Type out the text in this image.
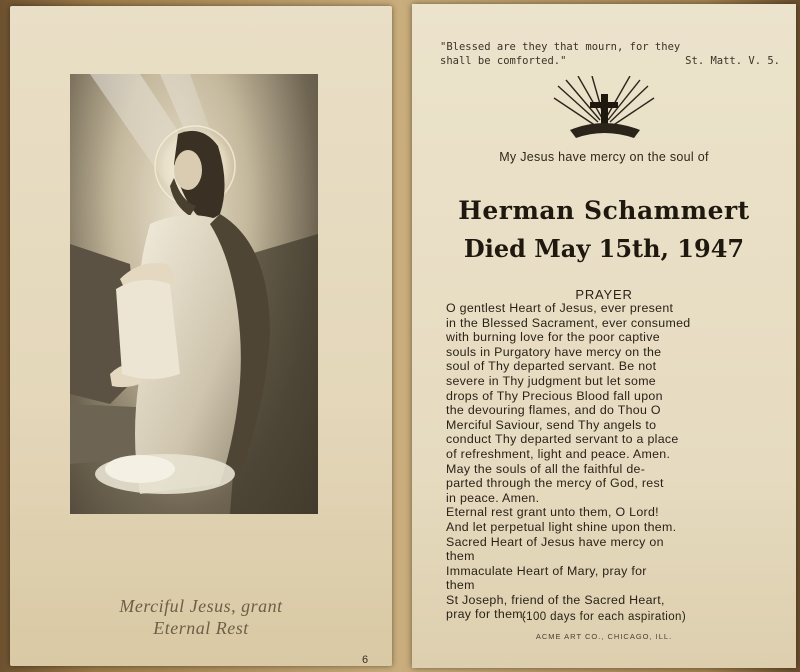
Merciful Jesus, grant
Eternal Rest
6
"Blessed are they that mourn, for they
shall be comforted."	St. Matt. V. 5.
My Jesus have mercy on the soul of
Herman Schammert
Died May 15th, 1947
PRAYER
O gentlest Heart of Jesus, ever present
in the Blessed Sacrament, ever consumed
with burning love for the poor captive
souls in Purgatory have mercy on the
soul of Thy departed servant. Be not
severe in Thy judgment but let some
drops of Thy Precious Blood fall upon
the devouring flames, and do Thou O
Merciful Saviour, send Thy angels to
conduct Thy departed servant to a place
of refreshment, light and peace. Amen.
May the souls of all the faithful de-
parted through the mercy of God, rest
in peace. Amen.
Eternal rest grant unto them, O Lord!
And let perpetual light shine upon them.
Sacred Heart of Jesus have mercy on
them
Immaculate Heart of Mary, pray for
them
St Joseph, friend of the Sacred Heart,
pray for them.
(100 days for each aspiration)
ACME ART CO., CHICAGO, ILL.
